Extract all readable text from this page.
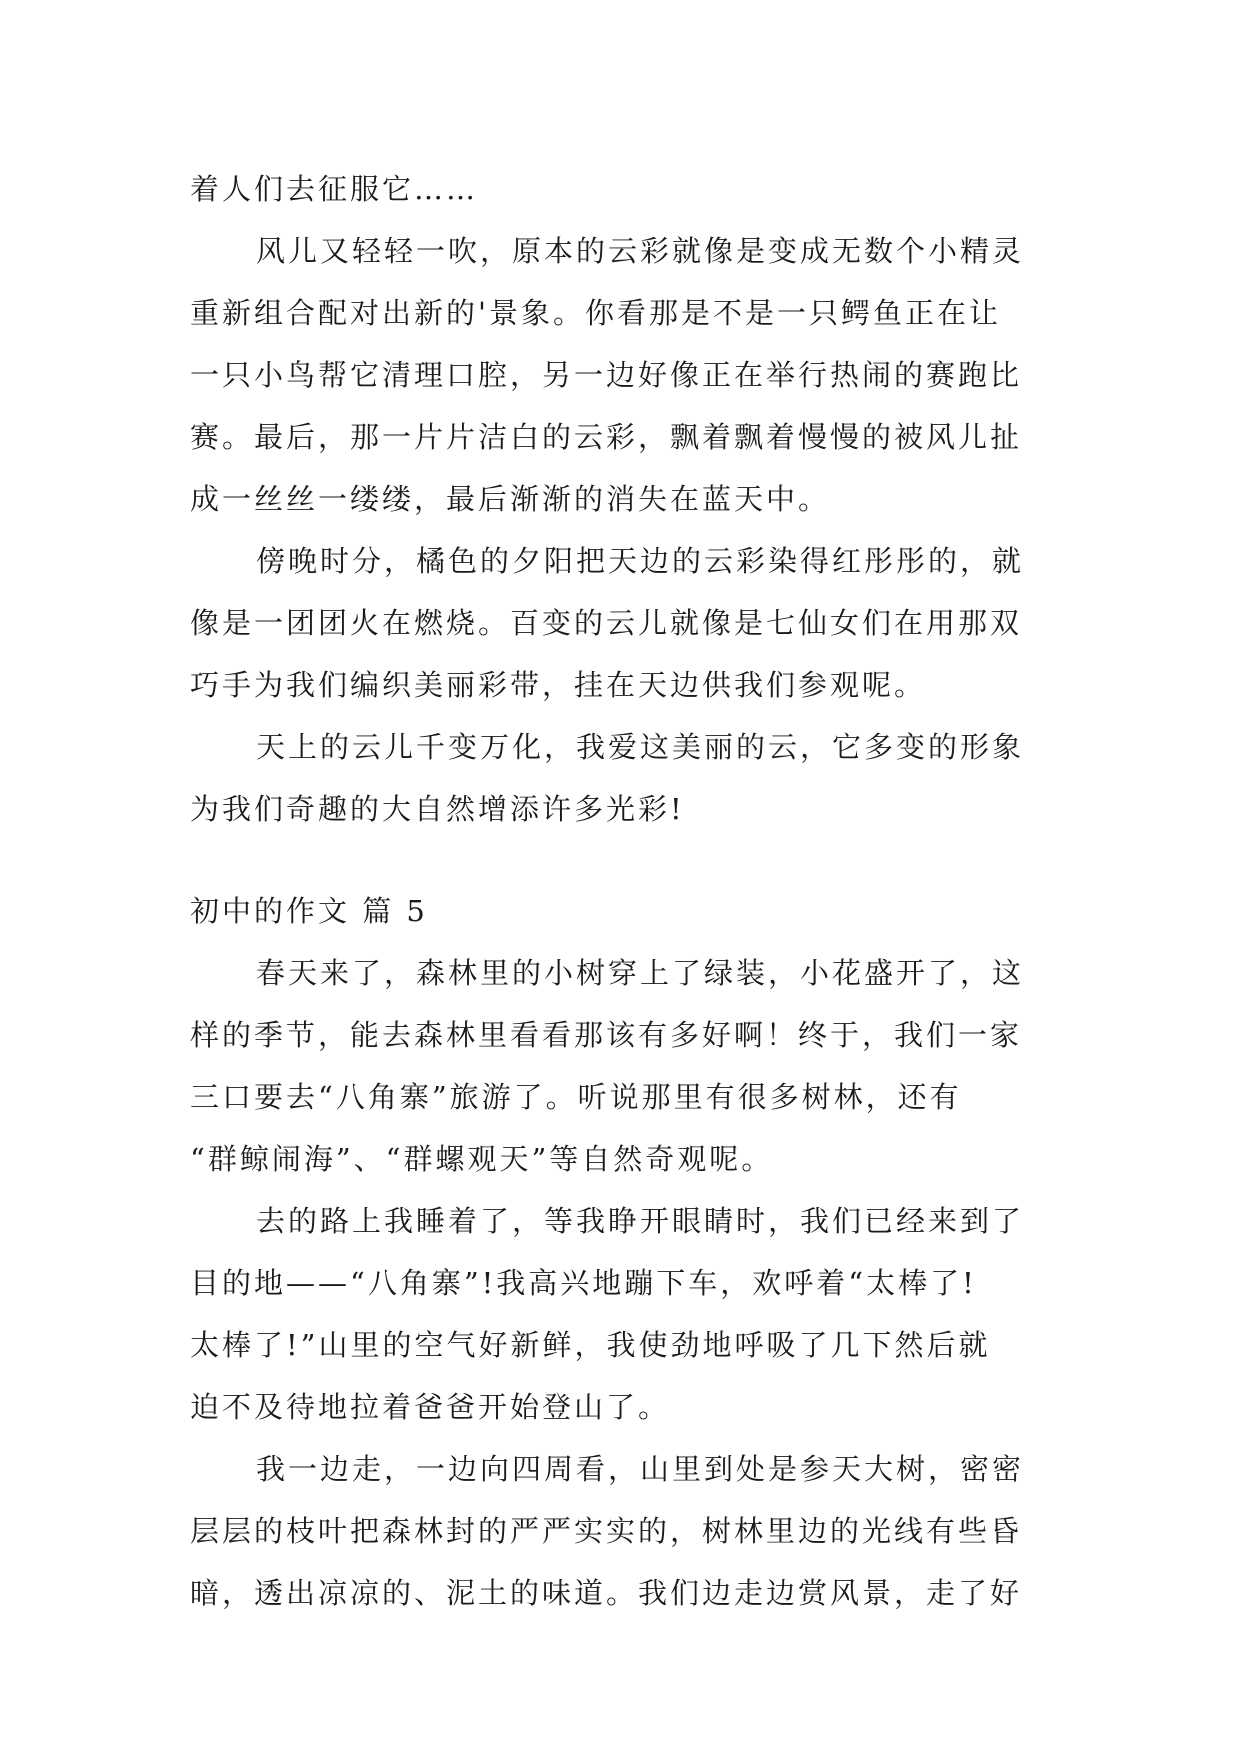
着人们去征服它……
风儿又轻轻一吹，原本的云彩就像是变成无数个小精灵
重新组合配对出新的'景象。你看那是不是一只鳄鱼正在让
一只小鸟帮它清理口腔，另一边好像正在举行热闹的赛跑比
赛。最后，那一片片洁白的云彩，飘着飘着慢慢的被风儿扯
成一丝丝一缕缕，最后渐渐的消失在蓝天中。
傍晚时分，橘色的夕阳把天边的云彩染得红彤彤的，就
像是一团团火在燃烧。百变的云儿就像是七仙女们在用那双
巧手为我们编织美丽彩带，挂在天边供我们参观呢。
天上的云儿千变万化，我爱这美丽的云，它多变的形象
为我们奇趣的大自然增添许多光彩!
初中的作文 篇 5
春天来了，森林里的小树穿上了绿装，小花盛开了，这
样的季节，能去森林里看看那该有多好啊！终于，我们一家
三口要去“八角寨”旅游了。听说那里有很多树林，还有
“群鲸闹海”、“群螺观天”等自然奇观呢。
去的路上我睡着了，等我睁开眼睛时，我们已经来到了
目的地——“八角寨”!我高兴地蹦下车，欢呼着“太棒了!
太棒了!”山里的空气好新鲜，我使劲地呼吸了几下然后就
迫不及待地拉着爸爸开始登山了。
我一边走，一边向四周看，山里到处是参天大树，密密
层层的枝叶把森林封的严严实实的，树林里边的光线有些昏
暗，透出凉凉的、泥土的味道。我们边走边赏风景，走了好
